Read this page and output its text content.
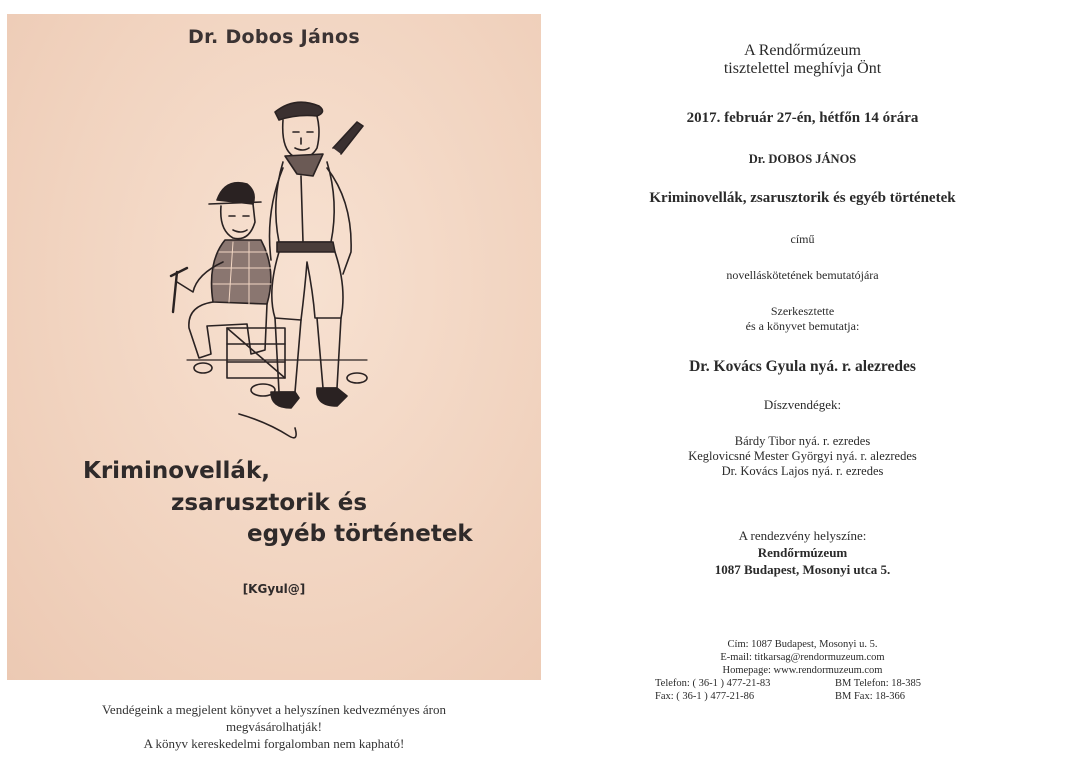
Dr. Dobos János
Kriminovellák,
zsarusztorik és
egyéb történetek
[KGyul@]
Vendégeink a megjelent könyvet a helyszínen kedvezményes áron
megvásárolhatják!
A könyv kereskedelmi forgalomban nem kapható!
A Rendőrmúzeum
tisztelettel meghívja Önt
2017. február 27-én, hétfőn 14 órára
Dr. DOBOS JÁNOS
Kriminovellák, zsarusztorik és egyéb történetek
című
novelláskötetének bemutatójára
Szerkesztette
és a könyvet bemutatja:
Dr. Kovács Gyula nyá. r. alezredes
Díszvendégek:
Bárdy Tibor nyá. r. ezredes
Keglovicsné Mester Györgyi nyá. r. alezredes
Dr. Kovács Lajos nyá. r. ezredes
A rendezvény helyszíne:
Rendőrmúzeum
1087 Budapest, Mosonyi utca 5.
Cím: 1087 Budapest, Mosonyi u. 5.
E-mail: titkarsag@rendormuzeum.com
Homepage: www.rendormuzeum.com
Telefon: ( 36-1 ) 477-21-83	BM Telefon: 18-385
Fax: ( 36-1 ) 477-21-86	BM Fax: 18-366
